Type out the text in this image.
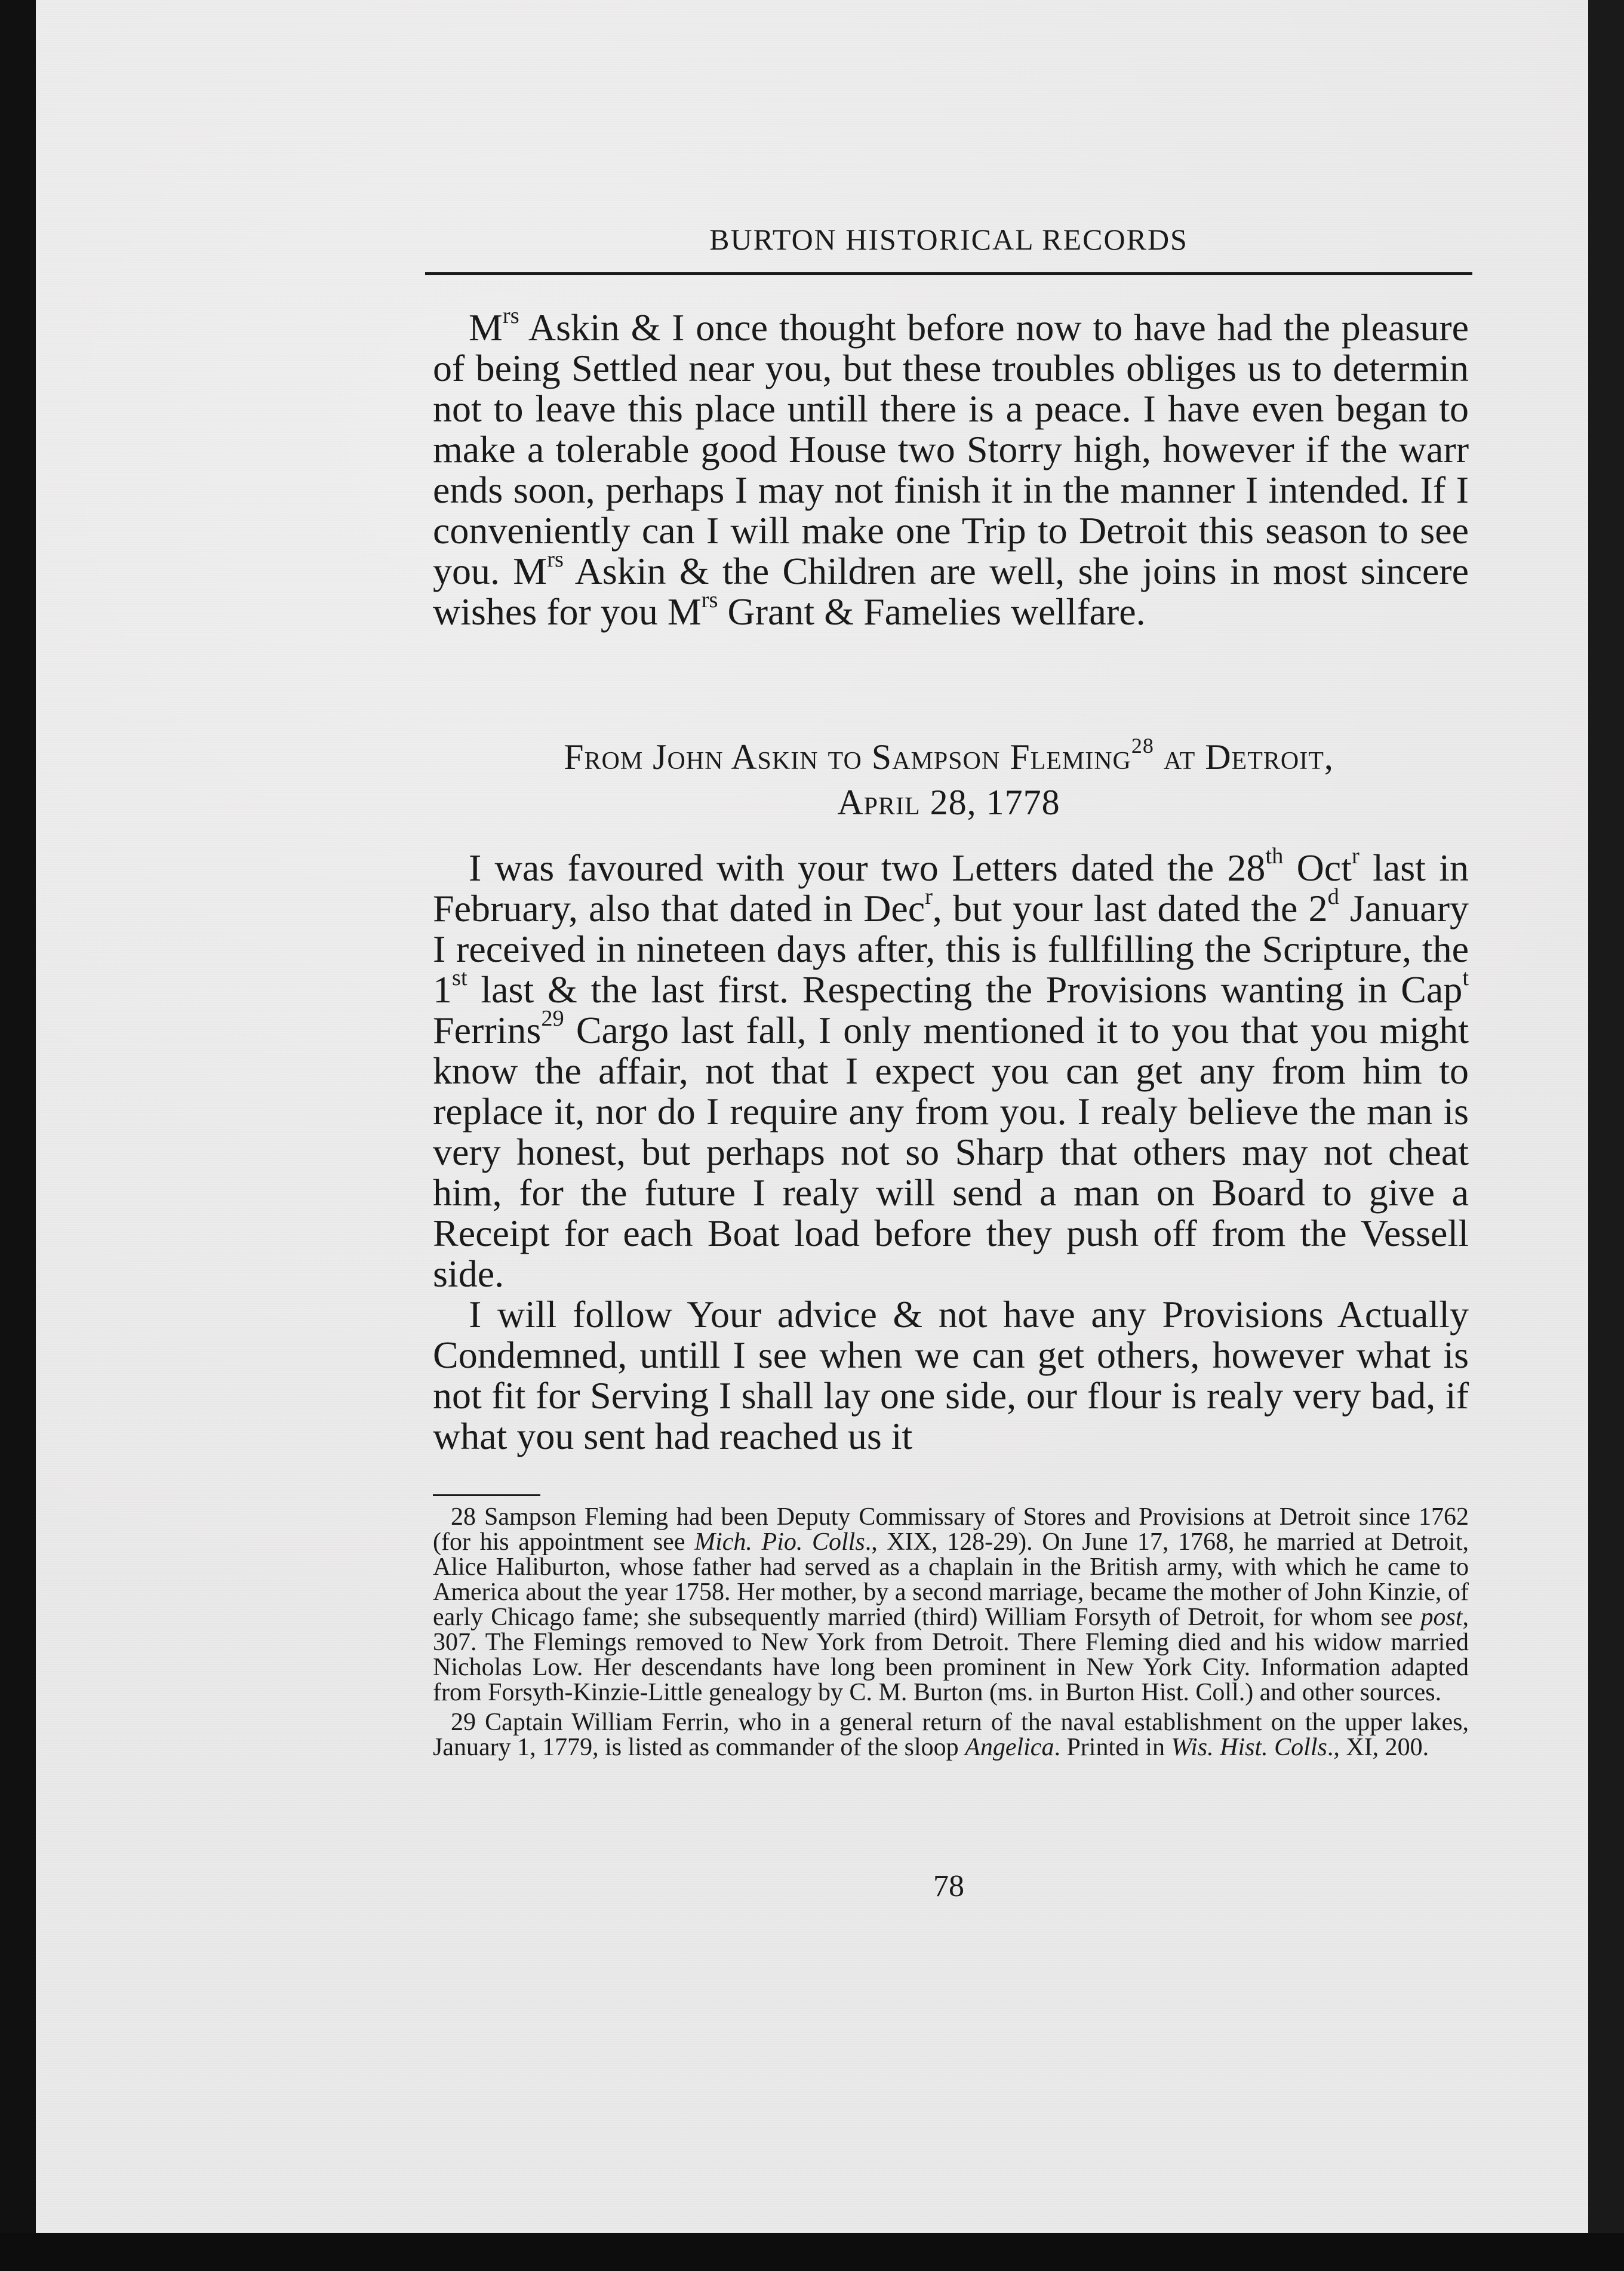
BURTON HISTORICAL RECORDS

$M^{rs}$ Askin & I once thought before now to have had the pleasure of being Settled near you, but these troubles obliges us to determin not to leave this place untill there is a peace. I have even began to make a tolerable good House two Storry high, however if the warr ends soon, perhaps I may not finish it in the manner I intended. If I conveniently can I will make one Trip to Detroit this season to see you. $M^{rs}$ Askin & the Children are well, she joins in most sincere wishes for you $M^{rs}$ Grant & Famelies wellfare.

From John Askin to Sampson Fleming$^{28}$ at Detroit,
April 28, 1778

I was favoured with your two Letters dated the 28th Oct$^r$ last in February, also that dated in Dec$^r$, but your last dated the 2$^d$ January I received in nineteen days after, this is fullfilling the Scripture, the 1st last & the last first. Respecting the Provisions wanting in Cap$^t$ Ferrins$^{29}$ Cargo last fall, I only mentioned it to you that you might know the affair, not that I expect you can get any from him to replace it, nor do I require any from you. I realy believe the man is very honest, but perhaps not so Sharp that others may not cheat him, for the future I realy will send a man on Board to give a Receipt for each Boat load before they push off from the Vessell side.

I will follow Your advice & not have any Provisions Actually Condemned, untill I see when we can get others, however what is not fit for Serving I shall lay one side, our flour is realy very bad, if what you sent had reached us it

28 Sampson Fleming had been Deputy Commissary of Stores and Provisions at Detroit since 1762 (for his appointment see Mich. Pio. Colls., XIX, 128-29). On June 17, 1768, he married at Detroit, Alice Haliburton, whose father had served as a chaplain in the British army, with which he came to America about the year 1758. Her mother, by a second marriage, became the mother of John Kinzie, of early Chicago fame; she subsequently married (third) William Forsyth of Detroit, for whom see post, 307. The Flemings removed to New York from Detroit. There Fleming died and his widow married Nicholas Low. Her descendants have long been prominent in New York City. Information adapted from Forsyth-Kinzie-Little genealogy by C. M. Burton (ms. in Burton Hist. Coll.) and other sources.

29 Captain William Ferrin, who in a general return of the naval establishment on the upper lakes, January 1, 1779, is listed as commander of the sloop Angelica. Printed in Wis. Hist. Colls., XI, 200.

78
